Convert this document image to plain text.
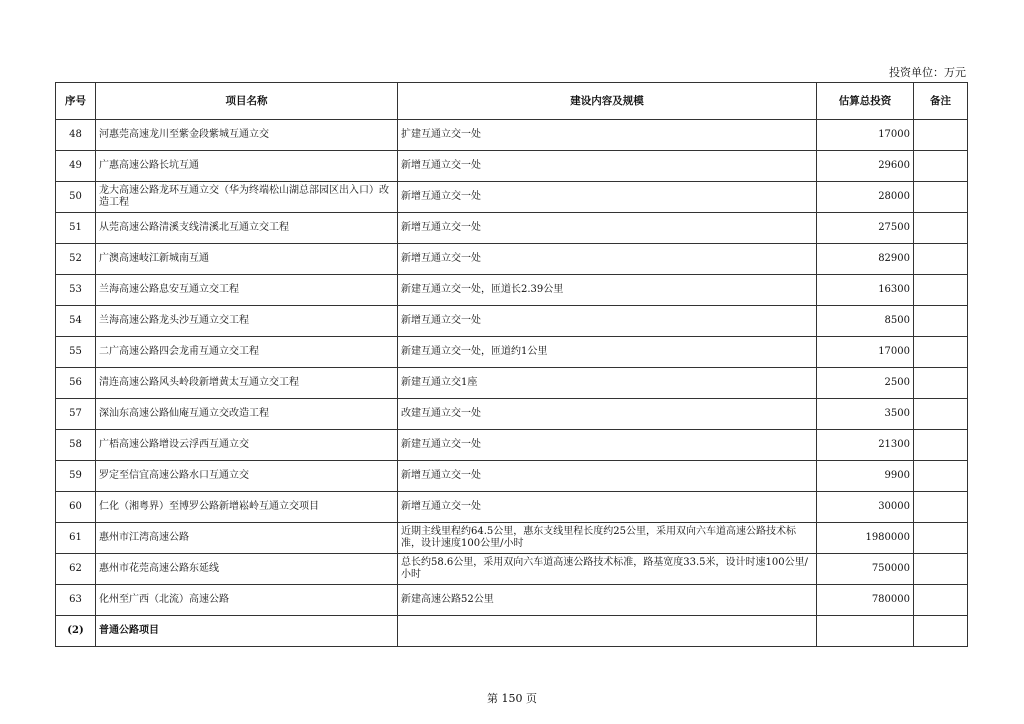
投资单位：万元
序号	项目名称	建设内容及规模	估算总投资	备注
48	河惠莞高速龙川至紫金段紫城互通立交	扩建互通立交一处	17000	
49	广惠高速公路长坑互通	新增互通立交一处	29600	
50	龙大高速公路龙环互通立交（华为终端松山湖总部园区出入口）改造工程	新增互通立交一处	28000	
51	从莞高速公路清溪支线清溪北互通立交工程	新增互通立交一处	27500	
52	广澳高速岐江新城南互通	新增互通立交一处	82900	
53	兰海高速公路息安互通立交工程	新建互通立交一处，匝道长2.39公里	16300	
54	兰海高速公路龙头沙互通立交工程	新增互通立交一处	8500	
55	二广高速公路四会龙甫互通立交工程	新建互通立交一处，匝道约1公里	17000	
56	清连高速公路风头岭段新增黄太互通立交工程	新建互通立交1座	2500	
57	深汕东高速公路仙庵互通立交改造工程	改建互通立交一处	3500	
58	广梧高速公路增设云浮西互通立交	新建互通立交一处	21300	
59	罗定至信宜高速公路水口互通立交	新增互通立交一处	9900	
60	仁化（湘粤界）至博罗公路新增崧岭互通立交项目	新增互通立交一处	30000	
61	惠州市江湾高速公路	近期主线里程约64.5公里，惠东支线里程长度约25公里，采用双向六车道高速公路技术标准，设计速度100公里/小时	1980000	
62	惠州市花莞高速公路东延线	总长约58.6公里，采用双向六车道高速公路技术标准，路基宽度33.5米，设计时速100公里/小时	750000	
63	化州至广西（北流）高速公路	新建高速公路52公里	780000	
(2)	普通公路项目			
第 150 页
